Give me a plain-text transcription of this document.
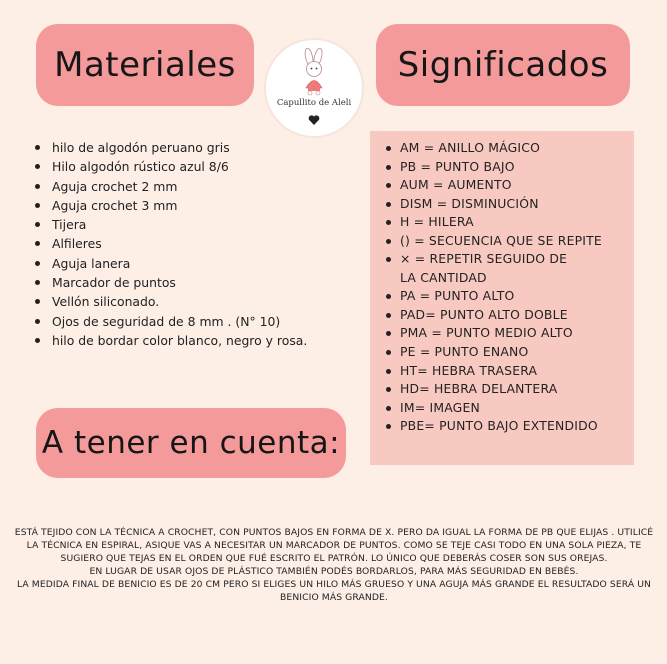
Materiales
Capullito de Aleli
Significados
hilo de algodón peruano gris
Hilo algodón rústico azul 8/6
Aguja crochet 2 mm
Aguja crochet 3 mm
Tijera
Alfileres
Aguja lanera
Marcador de puntos
Vellón siliconado.
Ojos de seguridad de 8 mm . (N° 10)
hilo de bordar color blanco, negro y rosa.
AM = ANILLO MÁGICO
PB = PUNTO BAJO
AUM = AUMENTO
DISM = DISMINUCIÓN
H = HILERA
() = SECUENCIA QUE SE REPITE
× = REPETIR SEGUIDO DE
LA CANTIDAD
PA = PUNTO ALTO
PAD= PUNTO ALTO DOBLE
PMA = PUNTO MEDIO ALTO
PE = PUNTO ENANO
HT= HEBRA TRASERA
HD= HEBRA DELANTERA
IM= IMAGEN
PBE= PUNTO BAJO EXTENDIDO
A tener en cuenta:

ESTÁ TEJIDO CON LA TÉCNICA A CROCHET, CON PUNTOS BAJOS EN FORMA DE X. PERO DA IGUAL LA FORMA DE PB QUE ELIJAS . UTILICÉ LA TÉCNICA EN ESPIRAL, ASIQUE VAS A NECESITAR UN MARCADOR DE PUNTOS. COMO SE TEJE CASI TODO EN UNA SOLA PIEZA, TE SUGIERO QUE TEJAS EN EL ORDEN QUE FUÉ ESCRITO EL PATRÓN. LO ÚNICO QUE DEBERÁS COSER SON SUS OREJAS.

EN LUGAR DE USAR OJOS DE PLÁSTICO TAMBIÉN PODÉS BORDARLOS, PARA MÁS SEGURIDAD EN BEBÉS.

LA MEDIDA FINAL DE BENICIO ES DE 20 CM PERO SI ELIGES UN HILO MÁS GRUESO Y UNA AGUJA MÁS GRANDE EL RESULTADO SERÁ UN BENICIO MÁS GRANDE.
